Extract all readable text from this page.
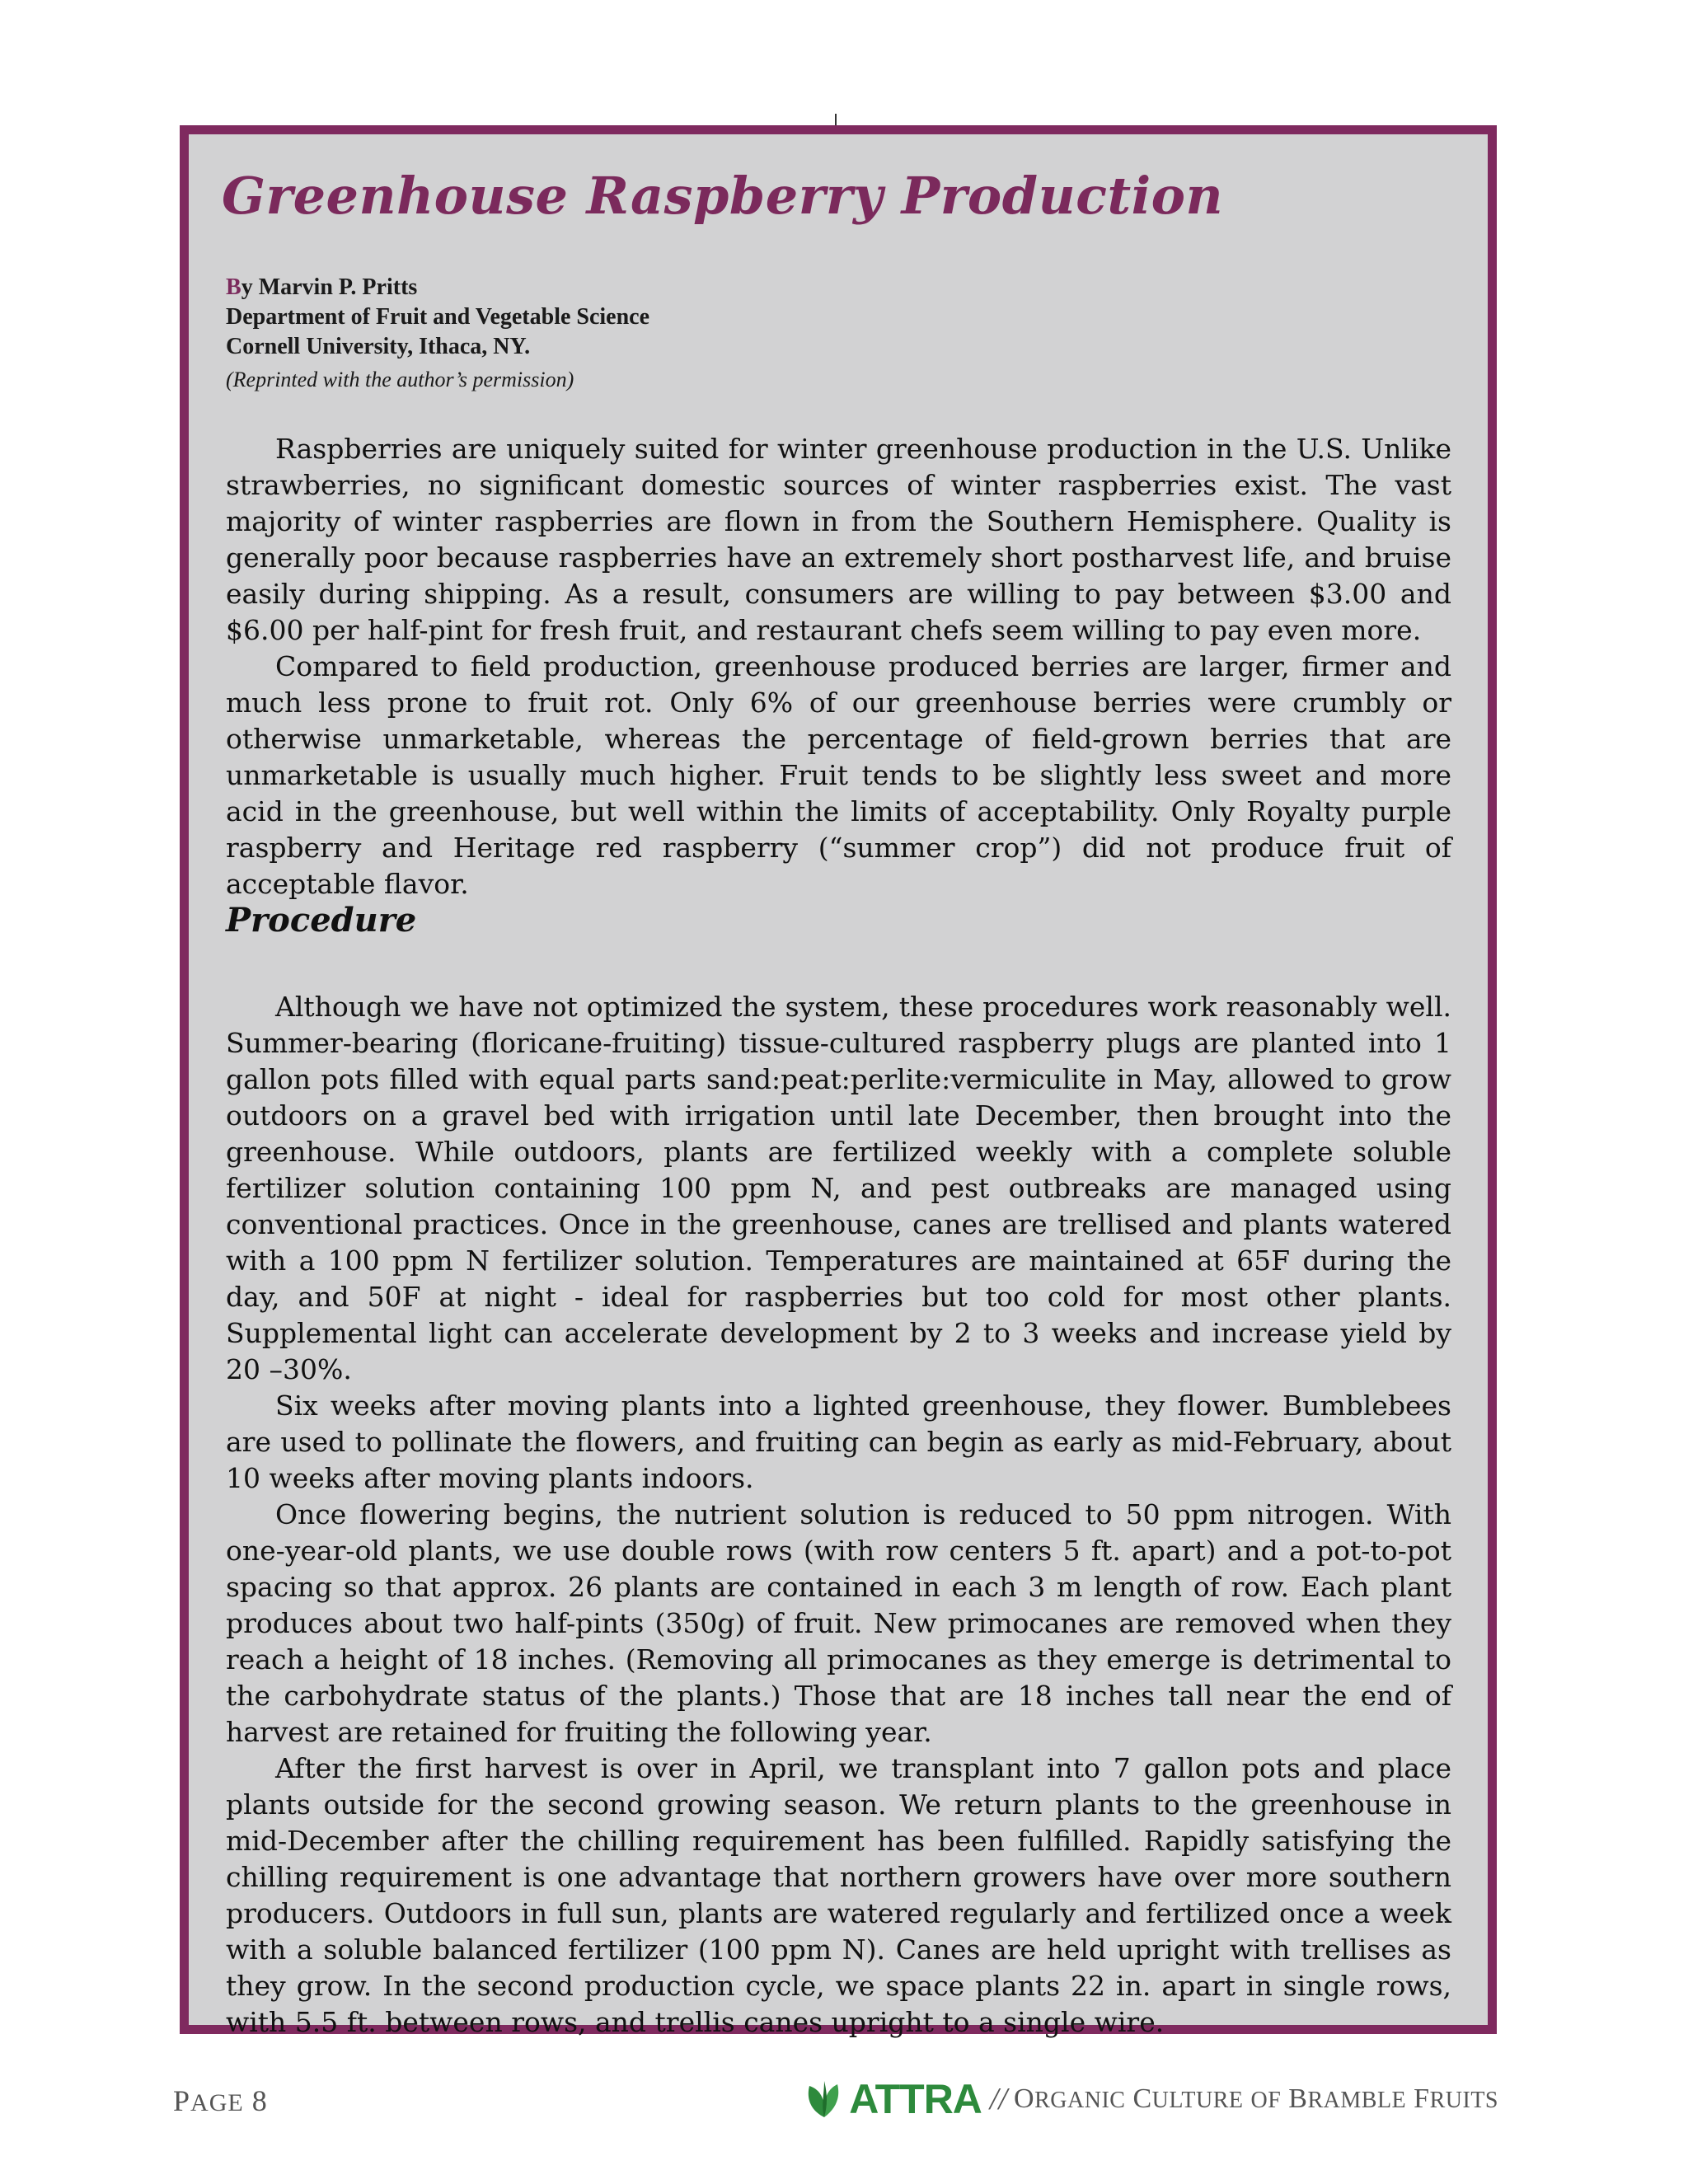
Greenhouse Raspberry Production
By Marvin P. Pritts
Department of Fruit and Vegetable Science
Cornell University, Ithaca, NY.
(Reprinted with the author’s permission)

Raspberries are uniquely suited for winter greenhouse production in the U.S. Unlike strawberries, no significant domestic sources of winter raspberries exist. The vast majority of winter raspberries are flown in from the Southern Hemisphere. Quality is generally poor because raspberries have an extremely short postharvest life, and bruise easily during shipping. As a result, consumers are willing to pay between $3.00 and $6.00 per half-pint for fresh fruit, and restaurant chefs seem willing to pay even more.

Compared to field production, greenhouse produced berries are larger, firmer and much less prone to fruit rot. Only 6% of our greenhouse berries were crumbly or otherwise unmarketable, whereas the percentage of field-grown berries that are unmarketable is usually much higher. Fruit tends to be slightly less sweet and more acid in the greenhouse, but well within the limits of acceptability. Only Royalty purple raspberry and Heritage red raspberry (“summer crop”) did not produce fruit of acceptable flavor.

Procedure

Although we have not optimized the system, these procedures work reasonably well. Summer-bearing (floricane-fruiting) tissue-cultured raspberry plugs are planted into 1 gallon pots filled with equal parts sand:peat:perlite:vermiculite in May, allowed to grow outdoors on a gravel bed with irrigation until late December, then brought into the greenhouse. While outdoors, plants are fertilized weekly with a complete soluble fertilizer solution containing 100 ppm N, and pest outbreaks are managed using conventional practices. Once in the greenhouse, canes are trellised and plants watered with a 100 ppm N fertilizer solution. Temperatures are maintained at 65F during the day, and 50F at night - ideal for raspberries but too cold for most other plants. Supplemental light can accelerate development by 2 to 3 weeks and increase yield by 20 –30%.

Six weeks after moving plants into a lighted greenhouse, they flower. Bumblebees are used to pollinate the flowers, and fruiting can begin as early as mid-February, about 10 weeks after moving plants indoors.

Once flowering begins, the nutrient solution is reduced to 50 ppm nitrogen. With one-year-old plants, we use double rows (with row centers 5 ft. apart) and a pot-to-pot spacing so that approx. 26 plants are contained in each 3 m length of row. Each plant produces about two half-pints (350g) of fruit. New primocanes are removed when they reach a height of 18 inches. (Removing all primocanes as they emerge is detrimental to the carbohydrate status of the plants.) Those that are 18 inches tall near the end of harvest are retained for fruiting the following year.

After the first harvest is over in April, we transplant into 7 gallon pots and place plants outside for the second growing season. We return plants to the greenhouse in mid-December after the chilling requirement has been fulfilled. Rapidly satisfying the chilling requirement is one advantage that northern growers have over more southern producers. Outdoors in full sun, plants are watered regularly and fertilized once a week with a soluble balanced fertilizer (100 ppm N). Canes are held upright with trellises as they grow. In the second production cycle, we space plants 22 in. apart in single rows, with 5.5 ft. between rows, and trellis canes upright to a single wire.

PAGE 8	ATTRA // ORGANIC CULTURE OF BRAMBLE FRUITS
